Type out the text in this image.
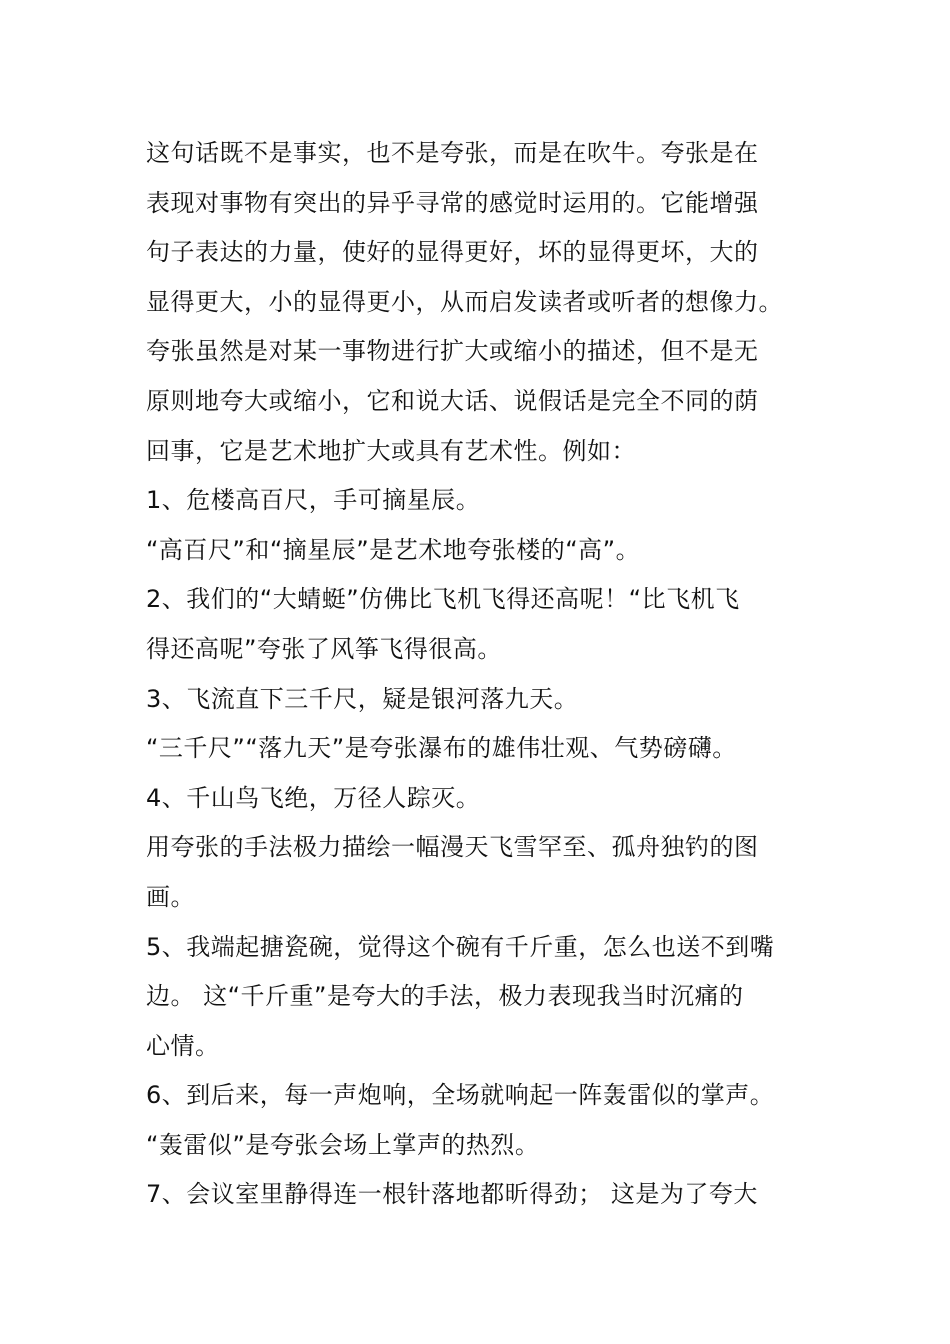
这句话既不是事实，也不是夸张，而是在吹牛。夸张是在
表现对事物有突出的异乎寻常的感觉时运用的。它能增强
句子表达的力量，使好的显得更好，坏的显得更坏，大的
显得更大，小的显得更小，从而启发读者或听者的想像力。
夸张虽然是对某一事物进行扩大或缩小的描述，但不是无
原则地夸大或缩小，它和说大话、说假话是完全不同的荫
回事，它是艺术地扩大或具有艺术性。例如：
1、危楼高百尺，手可摘星辰。
“高百尺”和“摘星辰”是艺术地夸张楼的“高”。
2、我们的“大蜻蜓”仿佛比飞机飞得还高呢！“比飞机飞
得还高呢”夸张了风筝飞得很高。
3、飞流直下三千尺，疑是银河落九天。
“三千尺”“落九天”是夸张瀑布的雄伟壮观、气势磅礴。
4、千山鸟飞绝，万径人踪灭。
用夸张的手法极力描绘一幅漫天飞雪罕至、孤舟独钓的图
画。
5、我端起搪瓷碗，觉得这个碗有千斤重，怎么也送不到嘴
边。 这“千斤重”是夸大的手法，极力表现我当时沉痛的
心情。
6、到后来，每一声炮响，全场就响起一阵轰雷似的掌声。
“轰雷似”是夸张会场上掌声的热烈。
7、会议室里静得连一根针落地都昕得劲； 这是为了夸大
